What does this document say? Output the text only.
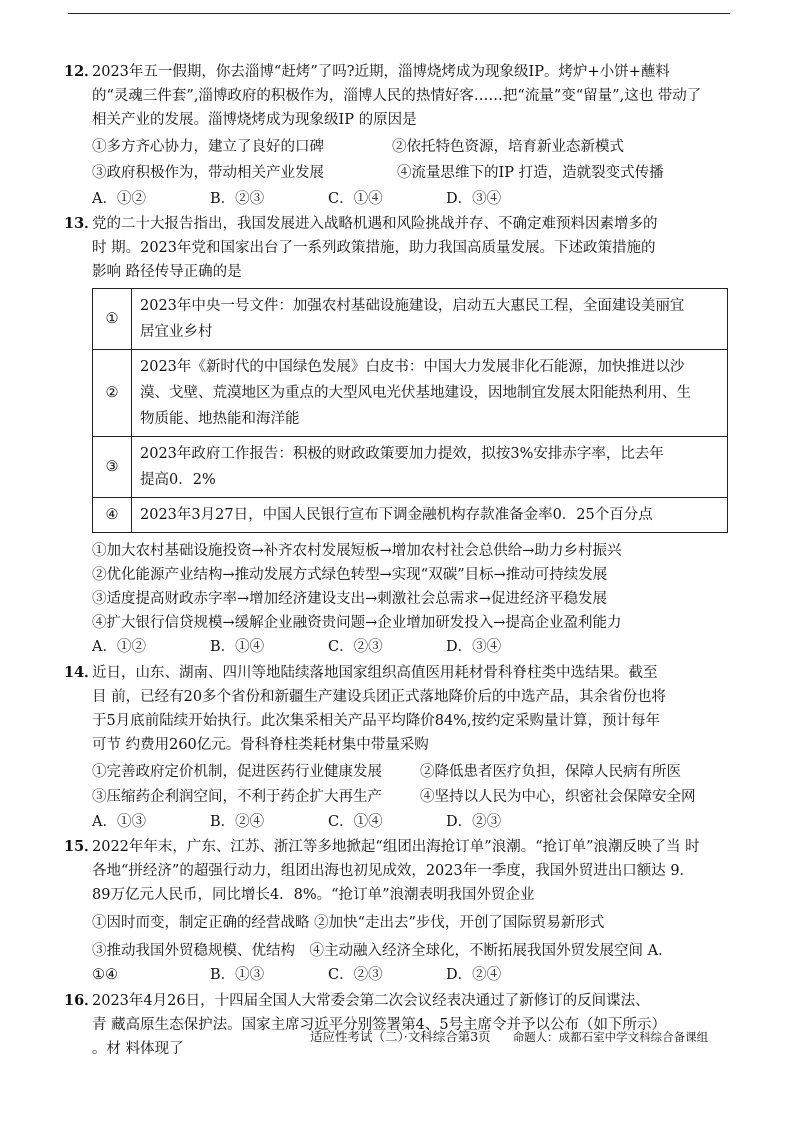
12．
2023年五一假期，你去淄博“赶烤”了吗?近期，淄博烧烤成为现象级IP。烤炉+小饼+蘸料
的“灵魂三件套”,淄博政府的积极作为，淄博人民的热情好客……把“流量”变“留量”,这也 带动了
相关产业的发展。淄博烧烤成为现象级IP 的原因是
①多方齐心协力，建立了良好的口碑	②依托特色资源，培育新业态新模式
③政府积极作为，带动相关产业发展	④流量思维下的IP 打造，造就裂变式传播
A．①②	B．②③	C．①④	D．③④
13．
党的二十大报告指出，我国发展进入战略机遇和风险挑战并存、不确定难预料因素增多的
时 期。2023年党和国家出台了一系列政策措施，助力我国高质量发展。下述政策措施的
影响 路径传导正确的是
①	2023年中央一号文件：加强农村基础设施建设，启动五大惠民工程，全面建设美丽宜
居宜业乡村

②	2023年《新时代的中国绿色发展》白皮书：中国大力发展非化石能源，加快推进以沙
漠、戈壁、荒漠地区为重点的大型风电光伏基地建设，因地制宜发展太阳能热利用、生
物质能、地热能和海洋能

③	2023年政府工作报告：积极的财政政策要加力提效，拟按3%安排赤字率，比去年
提高0．2%

④	2023年3月27日，中国人民银行宣布下调金融机构存款准备金率0．25个百分点
①加大农村基础设施投资→补齐农村发展短板→增加农村社会总供给→助力乡村振兴
②优化能源产业结构→推动发展方式绿色转型→实现“双碳”目标→推动可持续发展
③适度提高财政赤字率→增加经济建设支出→刺激社会总需求→促进经济平稳发展
④扩大银行信贷规模→缓解企业融资贵问题→企业增加研发投入→提高企业盈利能力
A．①②	B．①④	C．②③	D．③④
14．
近日，山东、湖南、四川等地陆续落地国家组织高值医用耗材骨科脊柱类中选结果。截至
目 前，已经有20多个省份和新疆生产建设兵团正式落地降价后的中选产品，其余省份也将
于5月底前陆续开始执行。此次集采相关产品平均降价84%,按约定采购量计算，预计每年
可节 约费用260亿元。骨科脊柱类耗材集中带量采购
①完善政府定价机制，促进医药行业健康发展	②降低患者医疗负担，保障人民病有所医
③压缩药企利润空间，不利于药企扩大再生产	④坚持以人民为中心，织密社会保障安全网
A．①③	B．②④	C．①④	D．②③
15．
2022年年末，广东、江苏、浙江等多地掀起“组团出海抢订单”浪潮。“抢订单”浪潮反映了当 时
各地“拼经济”的超强行动力，组团出海也初见成效，2023年一季度，我国外贸进出口额达 9．
89万亿元人民币，同比增长4．8%。“抢订单”浪潮表明我国外贸企业
①因时而变，制定正确的经营战略 ②加快“走出去”步伐，开创了国际贸易新形式
③推动我国外贸稳规模、优结构　④主动融入经济全球化，不断拓展我国外贸发展空间 A．
①④	B．①③	C．②③	D．②④
16．
2023年4月26日，十四届全国人大常委会第二次会议经表决通过了新修订的反间谍法、
青 藏高原生态保护法。国家主席习近平分别签署第4、5号主席令并予以公布（如下所示）
。材 料体现了
适应性考试（二）·文科综合第3页 命题人：成都石室中学文科综合备课组
